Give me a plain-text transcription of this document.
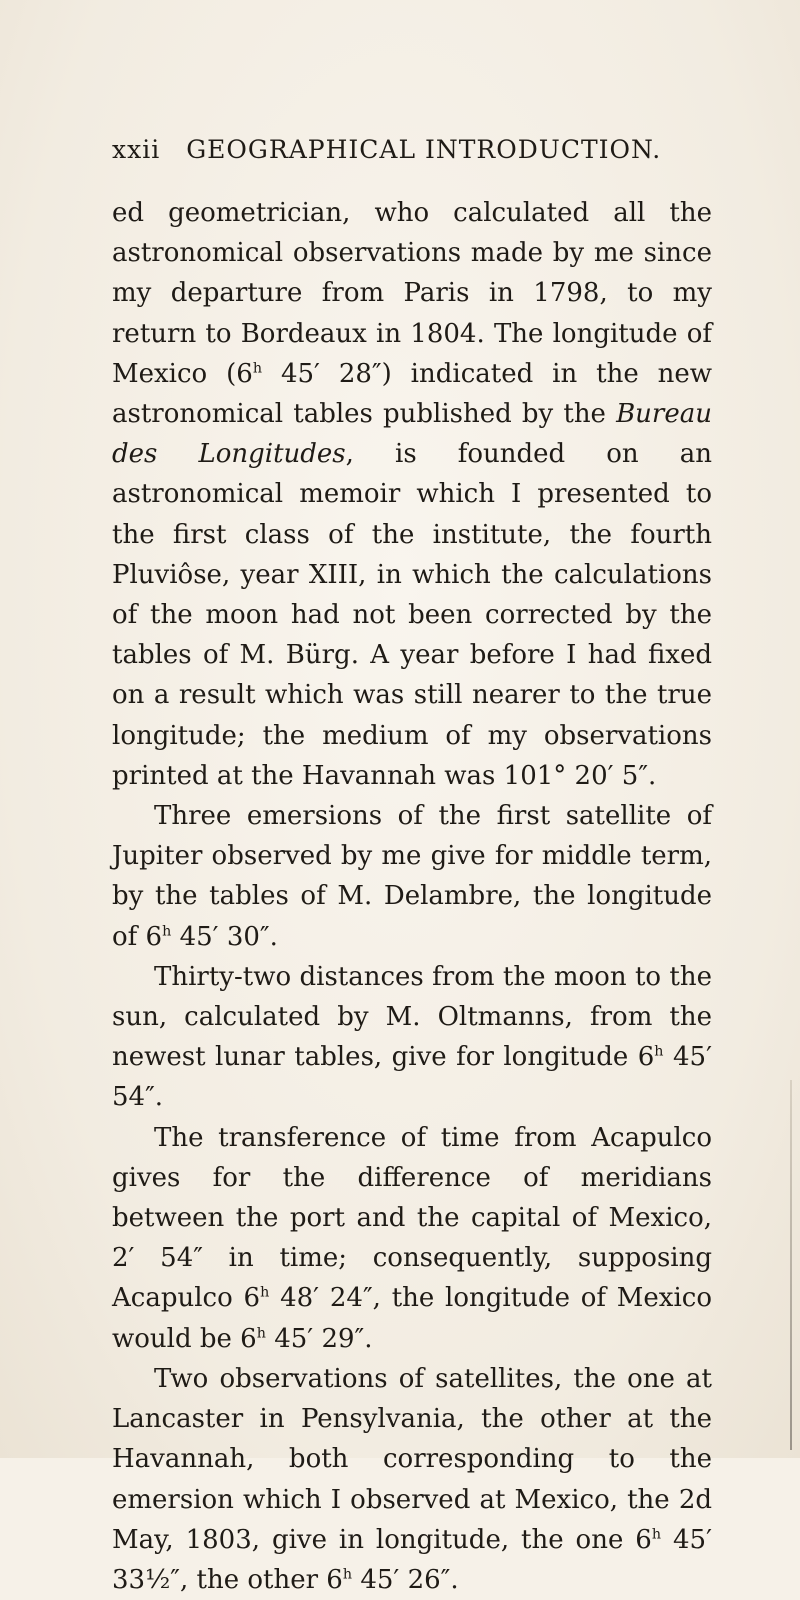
xxii GEOGRAPHICAL INTRODUCTION.

ed geometrician, who calculated all the astronomical observations made by me since my departure from Paris in 1798, to my return to Bordeaux in 1804. The longitude of Mexico (6$^h$ 45′ 28″) indicated in the new astronomical tables published by the Bureau des Longitudes, is founded on an astronomical memoir which I presented to the first class of the institute, the fourth Pluviôse, year XIII, in which the calculations of the moon had not been corrected by the tables of M. Bürg. A year before I had fixed on a result which was still nearer to the true longitude; the medium of my observations printed at the Havannah was 101° 20′ 5″.

Three emersions of the first satellite of Jupiter observed by me give for middle term, by the tables of M. Delambre, the longitude of 6$^h$ 45′ 30″.

Thirty-two distances from the moon to the sun, calculated by M. Oltmanns, from the newest lunar tables, give for longitude 6$^h$ 45′ 54″.

The transference of time from Acapulco gives for the difference of meridians between the port and the capital of Mexico, 2′ 54″ in time; consequently, supposing Acapulco 6$^h$ 48′ 24″, the longitude of Mexico would be 6$^h$ 45′ 29″.

Two observations of satellites, the one at Lancaster in Pensylvania, the other at the Havannah, both corresponding to the emersion which I observed at Mexico, the 2d May, 1803, give in longitude, the one 6$^h$ 45′ 33½″, the other 6$^h$ 45′ 26″.
